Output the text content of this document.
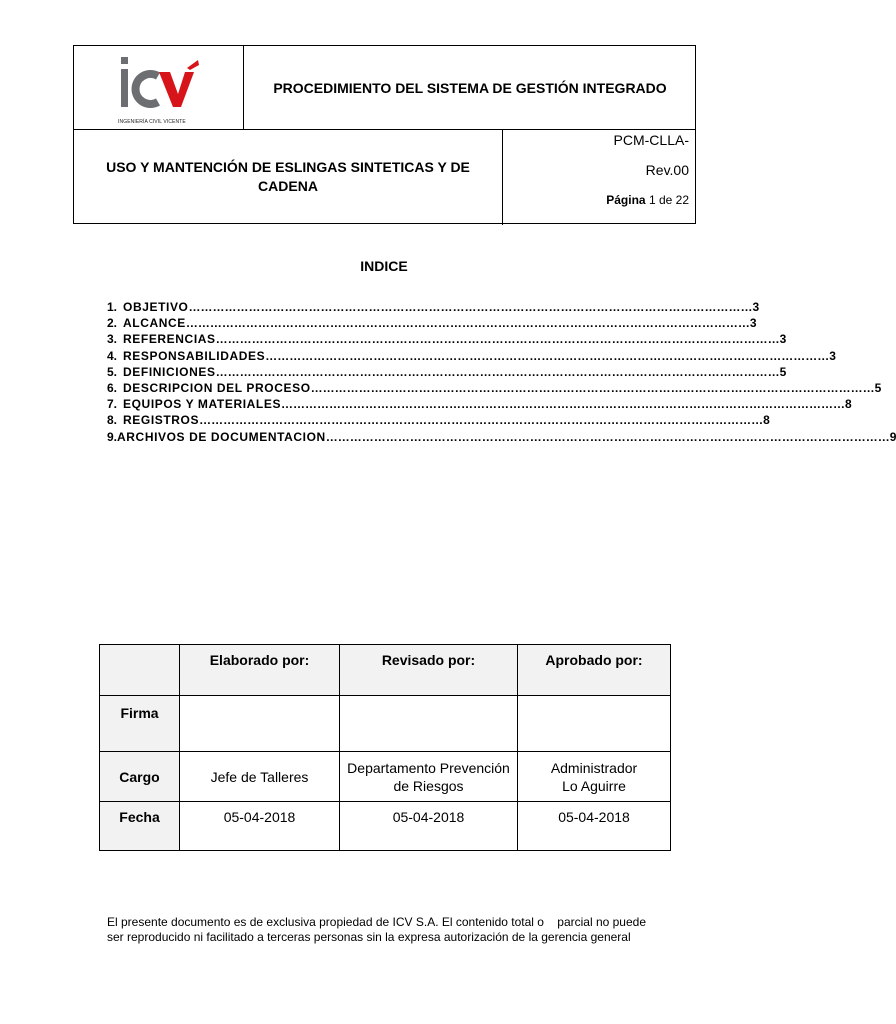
INGENIERÍA CIVIL VICENTE
PROCEDIMIENTO DEL SISTEMA DE GESTIÓN INTEGRADO
USO Y MANTENCIÓN DE ESLINGAS SINTETICAS Y DE CADENA
PCM-CLLA-
Rev.00
Página 1 de 22
INDICE
1. OBJETIVO …………………………………………………………………………………………………………………………… 3
2. ALCANCE …………………………………………………………………………………………………………………………… 3
3. REFERENCIAS …………………………………………………………………………………………………………………………… 3
4. RESPONSABILIDADES …………………………………………………………………………………………………………………………… 3
5. DEFINICIONES …………………………………………………………………………………………………………………………… 5
6. DESCRIPCION DEL PROCESO …………………………………………………………………………………………………………………………… 5
7. EQUIPOS Y MATERIALES …………………………………………………………………………………………………………………………… 8
8. REGISTROS …………………………………………………………………………………………………………………………… 8
9. ARCHIVOS DE DOCUMENTACION …………………………………………………………………………………………………………………………… 9
	Elaborado por:	Revisado por:	Aprobado por:
Firma			
Cargo	Jefe de Talleres	Departamento Prevención de Riesgos	Administrador Lo Aguirre
Fecha	05-04-2018	05-04-2018	05-04-2018
El presente documento es de exclusiva propiedad de ICV S.A. El contenido total o    parcial no puede ser reproducido ni facilitado a terceras personas sin la expresa autorización de la gerencia general
